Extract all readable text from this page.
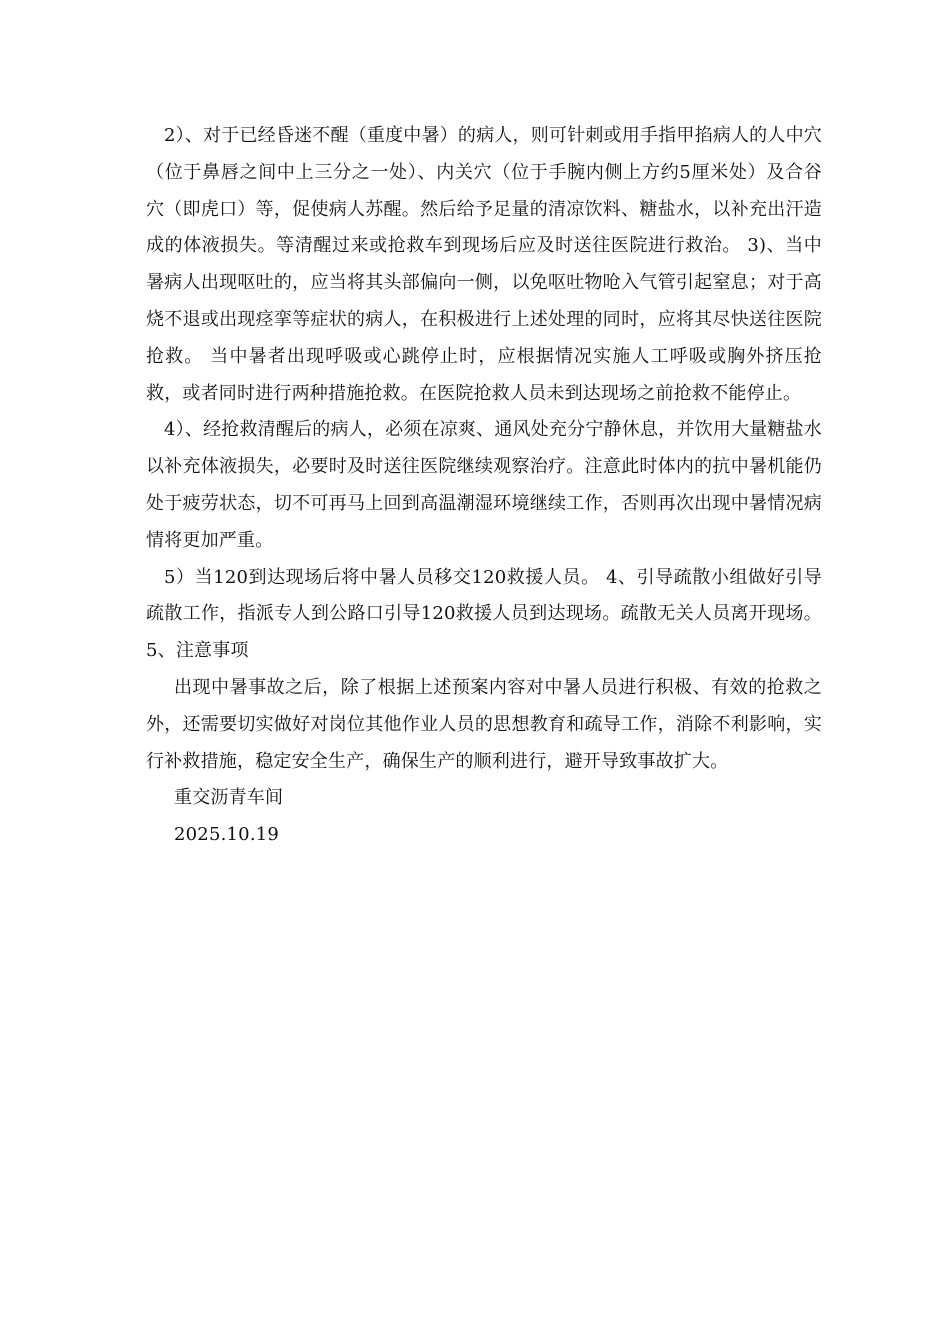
2）、对于已经昏迷不醒（重度中暑）的病人，则可针刺或用手指甲掐病人的人中穴（位于鼻唇之间中上三分之一处）、内关穴（位于手腕内侧上方约5厘米处）及合谷穴（即虎口）等，促使病人苏醒。然后给予足量的清凉饮料、糖盐水，以补充出汗造成的体液损失。等清醒过来或抢救车到现场后应及时送往医院进行救治。 3)、当中暑病人出现呕吐的，应当将其头部偏向一侧，以免呕吐物呛入气管引起窒息；对于高烧不退或出现痉挛等症状的病人，在积极进行上述处理的同时，应将其尽快送往医院抢救。 当中暑者出现呼吸或心跳停止时，应根据情况实施人工呼吸或胸外挤压抢救，或者同时进行两种措施抢救。在医院抢救人员未到达现场之前抢救不能停止。

4）、经抢救清醒后的病人，必须在凉爽、通风处充分宁静休息，并饮用大量糖盐水以补充体液损失，必要时及时送往医院继续观察治疗。注意此时体内的抗中暑机能仍处于疲劳状态，切不可再马上回到高温潮湿环境继续工作，否则再次出现中暑情况病情将更加严重。

5）当120到达现场后将中暑人员移交120救援人员。 4、引导疏散小组做好引导疏散工作，指派专人到公路口引导120救援人员到达现场。疏散无关人员离开现场。 5、注意事项

出现中暑事故之后，除了根据上述预案内容对中暑人员进行积极、有效的抢救之外，还需要切实做好对岗位其他作业人员的思想教育和疏导工作，消除不利影响，实行补救措施，稳定安全生产，确保生产的顺利进行，避开导致事故扩大。

重交沥青车间

2025.10.19
